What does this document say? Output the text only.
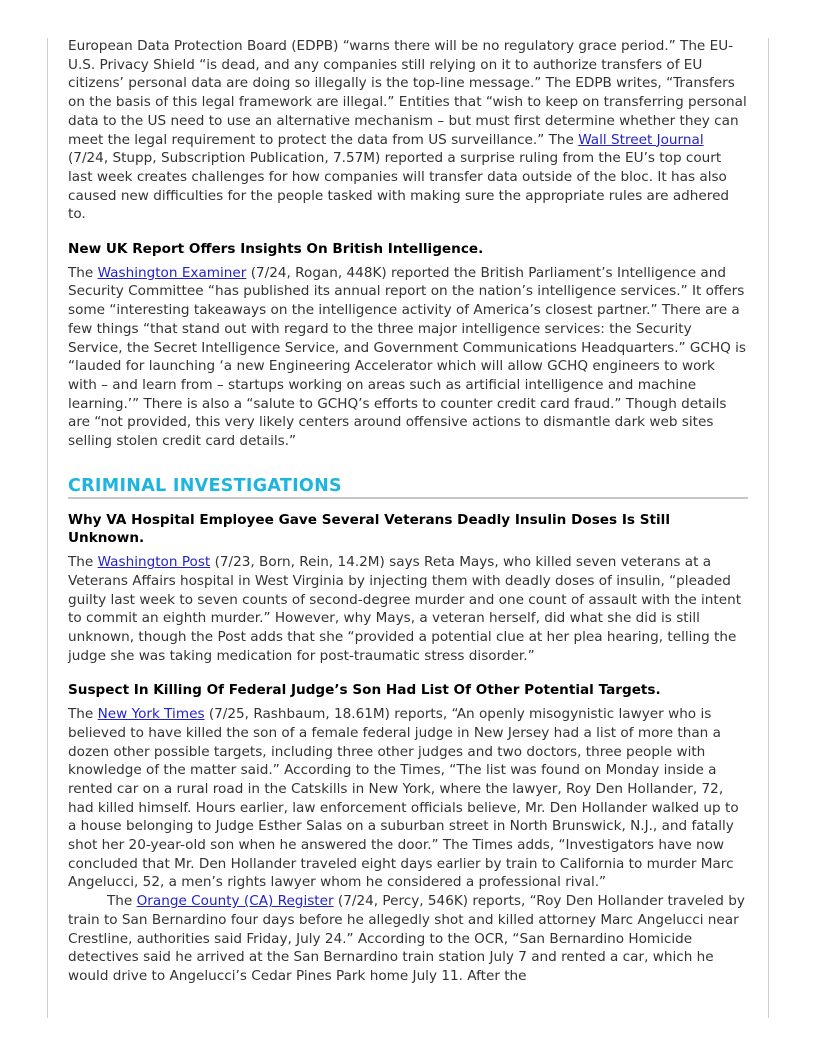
European Data Protection Board (EDPB) “warns there will be no regulatory grace period.” The EU-U.S. Privacy Shield “is dead, and any companies still relying on it to authorize transfers of EU citizens’ personal data are doing so illegally is the top-line message.” The EDPB writes, “Transfers on the basis of this legal framework are illegal.” Entities that “wish to keep on transferring personal data to the US need to use an alternative mechanism – but must first determine whether they can meet the legal requirement to protect the data from US surveillance.” The Wall Street Journal (7/24, Stupp, Subscription Publication, 7.57M) reported a surprise ruling from the EU’s top court last week creates challenges for how companies will transfer data outside of the bloc. It has also caused new difficulties for the people tasked with making sure the appropriate rules are adhered to.

New UK Report Offers Insights On British Intelligence.

The Washington Examiner (7/24, Rogan, 448K) reported the British Parliament’s Intelligence and Security Committee “has published its annual report on the nation’s intelligence services.” It offers some “interesting takeaways on the intelligence activity of America’s closest partner.” There are a few things “that stand out with regard to the three major intelligence services: the Security Service, the Secret Intelligence Service, and Government Communications Headquarters.” GCHQ is “lauded for launching ‘a new Engineering Accelerator which will allow GCHQ engineers to work with – and learn from – startups working on areas such as artificial intelligence and machine learning.’” There is also a “salute to GCHQ’s efforts to counter credit card fraud.” Though details are “not provided, this very likely centers around offensive actions to dismantle dark web sites selling stolen credit card details.”

CRIMINAL INVESTIGATIONS
Why VA Hospital Employee Gave Several Veterans Deadly Insulin Doses Is Still Unknown.

The Washington Post (7/23, Born, Rein, 14.2M) says Reta Mays, who killed seven veterans at a Veterans Affairs hospital in West Virginia by injecting them with deadly doses of insulin, “pleaded guilty last week to seven counts of second-degree murder and one count of assault with the intent to commit an eighth murder.” However, why Mays, a veteran herself, did what she did is still unknown, though the Post adds that she “provided a potential clue at her plea hearing, telling the judge she was taking medication for post-traumatic stress disorder.”

Suspect In Killing Of Federal Judge’s Son Had List Of Other Potential Targets.

The New York Times (7/25, Rashbaum, 18.61M) reports, “An openly misogynistic lawyer who is believed to have killed the son of a female federal judge in New Jersey had a list of more than a dozen other possible targets, including three other judges and two doctors, three people with knowledge of the matter said.” According to the Times, “The list was found on Monday inside a rented car on a rural road in the Catskills in New York, where the lawyer, Roy Den Hollander, 72, had killed himself. Hours earlier, law enforcement officials believe, Mr. Den Hollander walked up to a house belonging to Judge Esther Salas on a suburban street in North Brunswick, N.J., and fatally shot her 20-year-old son when he answered the door.” The Times adds, “Investigators have now concluded that Mr. Den Hollander traveled eight days earlier by train to California to murder Marc Angelucci, 52, a men’s rights lawyer whom he considered a professional rival.”

The Orange County (CA) Register (7/24, Percy, 546K) reports, “Roy Den Hollander traveled by train to San Bernardino four days before he allegedly shot and killed attorney Marc Angelucci near Crestline, authorities said Friday, July 24.” According to the OCR, “San Bernardino Homicide detectives said he arrived at the San Bernardino train station July 7 and rented a car, which he would drive to Angelucci’s Cedar Pines Park home July 11. After the
